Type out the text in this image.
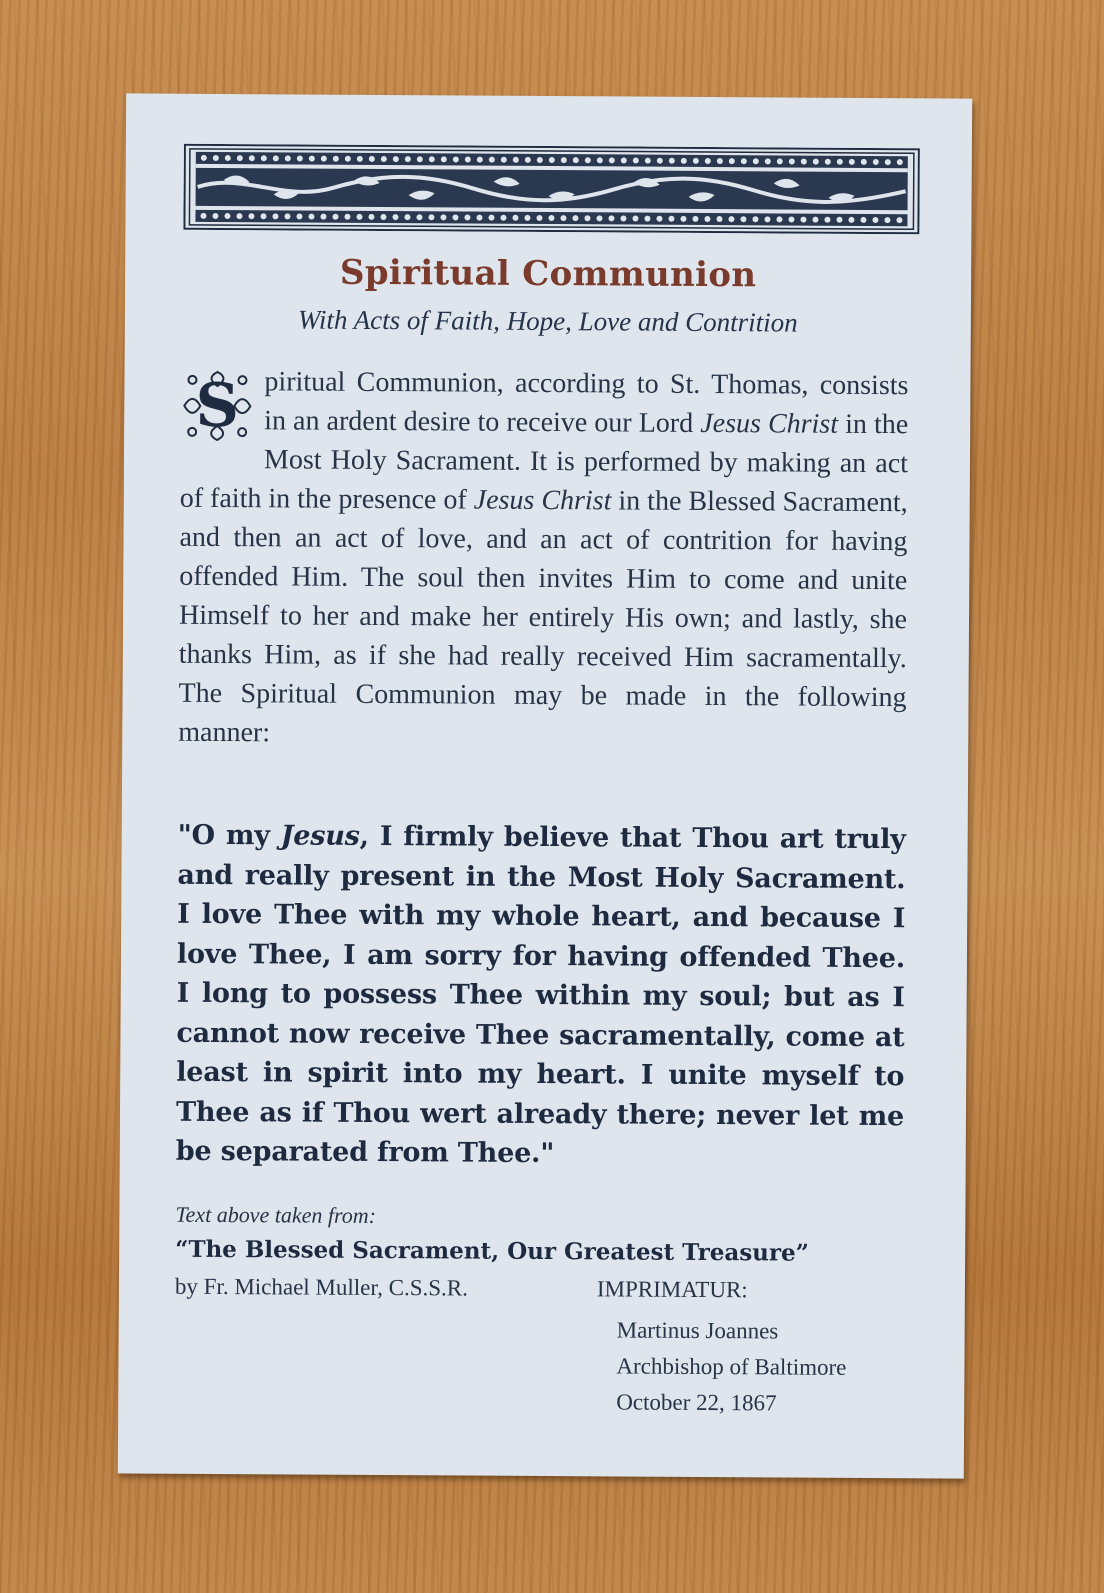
Spiritual Communion
With Acts of Faith, Hope, Love and Contrition

S piritual Communion, according to St. Thomas, consists in an ardent desire to receive our Lord Jesus Christ in the Most Holy Sacrament. It is performed by making an act of faith in the presence of Jesus Christ in the Blessed Sacrament, and then an act of love, and an act of contrition for having offended Him. The soul then invites Him to come and unite Himself to her and make her entirely His own; and lastly, she thanks Him, as if she had really received Him sacramentally. The Spiritual Communion may be made in the following manner:

"O my Jesus, I firmly believe that Thou art truly and really present in the Most Holy Sacrament. I love Thee with my whole heart, and because I love Thee, I am sorry for having offended Thee. I long to possess Thee within my soul; but as I cannot now receive Thee sacramentally, come at least in spirit into my heart. I unite myself to Thee as if Thou wert already there; never let me be separated from Thee."

Text above taken from:
“The Blessed Sacrament, Our Greatest Treasure”
by Fr. Michael Muller, C.S.S.R.	IMPRIMATUR:
Martinus Joannes
Archbishop of Baltimore
October 22, 1867
